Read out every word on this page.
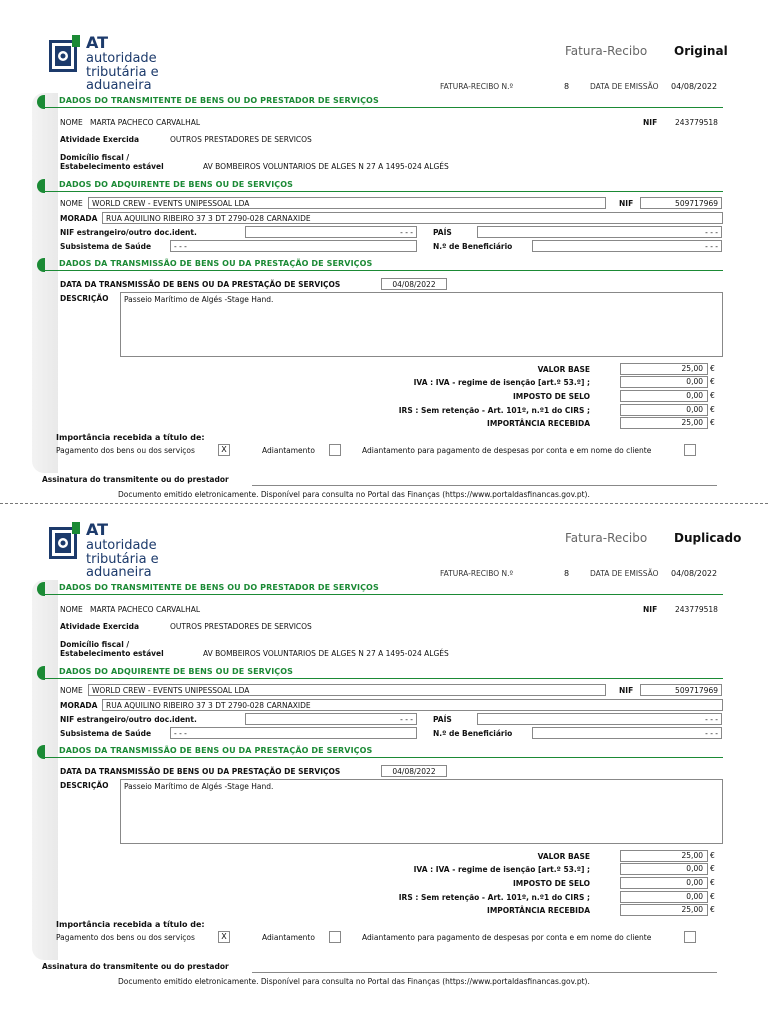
AT
autoridade
tributária e aduaneira
Fatura-Recibo Original
FATURA-RECIBO N.º	8	DATA DE EMISSÃO 04/08/2022
DADOS DO TRANSMITENTE DE BENS OU DO PRESTADOR DE SERVIÇOS
NOME MARTA PACHECO CARVALHAL	NIF 243779518
Atividade Exercida	OUTROS PRESTADORES DE SERVICOS
Domicílio fiscal /
Estabelecimento estável	AV BOMBEIROS VOLUNTARIOS DE ALGES N 27 A 1495-024 ALGÉS
DADOS DO ADQUIRENTE DE BENS OU DE SERVIÇOS
NOME	WORLD CREW - EVENTS UNIPESSOAL LDA	NIF	509717969
MORADA	RUA AQUILINO RIBEIRO 37 3 DT 2790-028 CARNAXIDE
NIF estrangeiro/outro doc.ident.	- - -	PAÍS	- - -
Subsistema de Saúde	- - -	N.º de Beneficiário	- - -
DADOS DA TRANSMISSÃO DE BENS OU DA PRESTAÇÃO DE SERVIÇOS
DATA DA TRANSMISSÃO DE BENS OU DA PRESTAÇÃO DE SERVIÇOS	04/08/2022
DESCRIÇÃO	Passeio Marítimo de Algés -Stage Hand.
VALOR BASE	25,00 €
IVA : IVA - regime de isenção [art.º 53.º] ;	0,00 €
IMPOSTO DE SELO	0,00 €
IRS : Sem retenção - Art. 101º, n.º1 do CIRS ;	0,00 €
IMPORTÂNCIA RECEBIDA	25,00 €
Importância recebida a título de:
Pagamento dos bens ou dos serviços	X	Adiantamento	Adiantamento para pagamento de despesas por conta e em nome do cliente
Assinatura do transmitente ou do prestador
Documento emitido eletronicamente. Disponível para consulta no Portal das Finanças (https://www.portaldasfinancas.gov.pt).
AT
autoridade
tributária e aduaneira
Fatura-Recibo Duplicado
FATURA-RECIBO N.º	8	DATA DE EMISSÃO 04/08/2022
DADOS DO TRANSMITENTE DE BENS OU DO PRESTADOR DE SERVIÇOS
NOME MARTA PACHECO CARVALHAL	NIF 243779518
Atividade Exercida	OUTROS PRESTADORES DE SERVICOS
Domicílio fiscal /
Estabelecimento estável	AV BOMBEIROS VOLUNTARIOS DE ALGES N 27 A 1495-024 ALGÉS
DADOS DO ADQUIRENTE DE BENS OU DE SERVIÇOS
NOME	WORLD CREW - EVENTS UNIPESSOAL LDA	NIF	509717969
MORADA	RUA AQUILINO RIBEIRO 37 3 DT 2790-028 CARNAXIDE
NIF estrangeiro/outro doc.ident.	- - -	PAÍS	- - -
Subsistema de Saúde	- - -	N.º de Beneficiário	- - -
DADOS DA TRANSMISSÃO DE BENS OU DA PRESTAÇÃO DE SERVIÇOS
DATA DA TRANSMISSÃO DE BENS OU DA PRESTAÇÃO DE SERVIÇOS	04/08/2022
DESCRIÇÃO	Passeio Marítimo de Algés -Stage Hand.
VALOR BASE	25,00 €
IVA : IVA - regime de isenção [art.º 53.º] ;	0,00 €
IMPOSTO DE SELO	0,00 €
IRS : Sem retenção - Art. 101º, n.º1 do CIRS ;	0,00 €
IMPORTÂNCIA RECEBIDA	25,00 €
Importância recebida a título de:
Pagamento dos bens ou dos serviços	X	Adiantamento	Adiantamento para pagamento de despesas por conta e em nome do cliente
Assinatura do transmitente ou do prestador
Documento emitido eletronicamente. Disponível para consulta no Portal das Finanças (https://www.portaldasfinancas.gov.pt).
